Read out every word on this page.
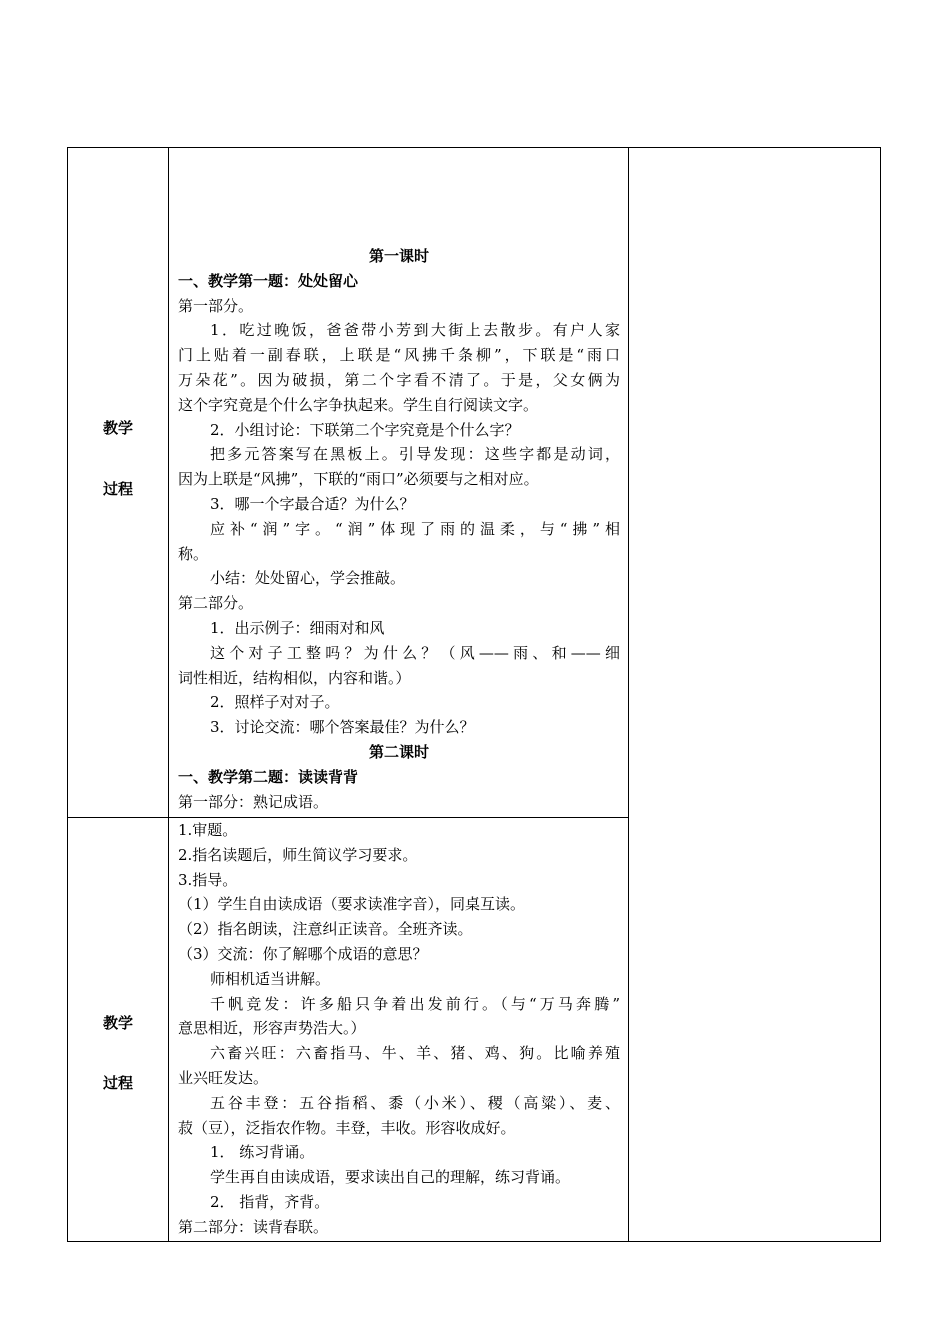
教学
过程
教学
过程
第一课时
一、教学第一题：处处留心
第一部分。
1．吃过晚饭，爸爸带小芳到大街上去散步。有户人家
门上贴着一副春联，上联是“风拂千条柳”，下联是“雨口
万朵花”。因为破损，第二个字看不清了。于是，父女俩为
这个字究竟是个什么字争执起来。学生自行阅读文字。
2．小组讨论：下联第二个字究竟是个什么字？
把多元答案写在黑板上。引导发现：这些字都是动词，
因为上联是“风拂”，下联的“雨口”必须要与之相对应。
3．哪一个字最合适？为什么？
应补“润”字。“润”体现了雨的温柔，与“拂”相
称。
小结：处处留心，学会推敲。
第二部分。
1．出示例子：细雨对和风
这个对子工整吗？为什么？（风——雨、和——细
词性相近，结构相似，内容和谐。）
2．照样子对对子。
3．讨论交流：哪个答案最佳？为什么？
第二课时
一、教学第二题：读读背背
第一部分：熟记成语。
1.审题。
2.指名读题后，师生简议学习要求。
3.指导。
（1）学生自由读成语（要求读准字音），同桌互读。
（2）指名朗读，注意纠正读音。全班齐读。
（3）交流：你了解哪个成语的意思？
师相机适当讲解。
千帆竞发：许多船只争着出发前行。（与“万马奔腾”
意思相近，形容声势浩大。）
六畜兴旺：六畜指马、牛、羊、猪、鸡、狗。比喻养殖
业兴旺发达。
五谷丰登：五谷指稻、黍（小米）、稷（高粱）、麦、
菽（豆），泛指农作物。丰登，丰收。形容收成好。
1． 练习背诵。
学生再自由读成语，要求读出自己的理解，练习背诵。
2． 指背，齐背。
第二部分：读背春联。
